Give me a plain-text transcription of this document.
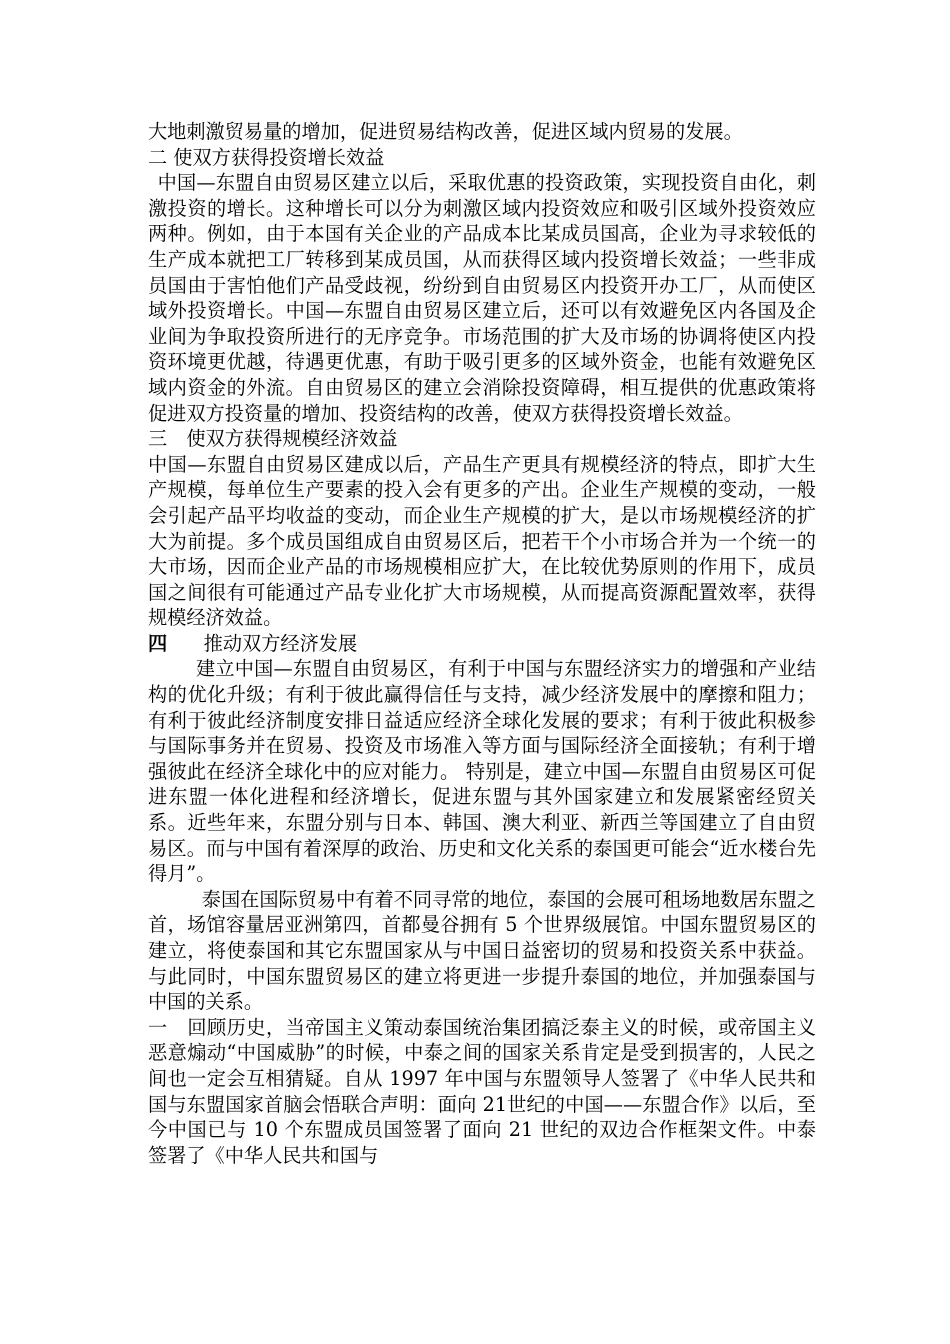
大地刺激贸易量的增加，促进贸易结构改善，促进区域内贸易的发展。

二 使双方获得投资增长效益

中国—东盟自由贸易区建立以后，采取优惠的投资政策，实现投资自由化，刺激投资的增长。这种增长可以分为刺激区域内投资效应和吸引区域外投资效应两种。例如，由于本国有关企业的产品成本比某成员国高，企业为寻求较低的生产成本就把工厂转移到某成员国，从而获得区域内投资增长效益；一些非成员国由于害怕他们产品受歧视，纷纷到自由贸易区内投资开办工厂，从而使区域外投资增长。中国—东盟自由贸易区建立后，还可以有效避免区内各国及企业间为争取投资所进行的无序竞争。市场范围的扩大及市场的协调将使区内投资环境更优越，待遇更优惠，有助于吸引更多的区域外资金，也能有效避免区域内资金的外流。自由贸易区的建立会消除投资障碍，相互提供的优惠政策将促进双方投资量的增加、投资结构的改善，使双方获得投资增长效益。

三　使双方获得规模经济效益

中国—东盟自由贸易区建成以后，产品生产更具有规模经济的特点，即扩大生产规模，每单位生产要素的投入会有更多的产出。企业生产规模的变动，一般会引起产品平均收益的变动，而企业生产规模的扩大，是以市场规模经济的扩大为前提。多个成员国组成自由贸易区后，把若干个小市场合并为一个统一的大市场，因而企业产品的市场规模相应扩大，在比较优势原则的作用下，成员国之间很有可能通过产品专业化扩大市场规模，从而提高资源配置效率，获得规模经济效益。

四 推动双方经济发展

建立中国—东盟自由贸易区，有利于中国与东盟经济实力的增强和产业结构的优化升级；有利于彼此赢得信任与支持，减少经济发展中的摩擦和阻力；有利于彼此经济制度安排日益适应经济全球化发展的要求；有利于彼此积极参与国际事务并在贸易、投资及市场准入等方面与国际经济全面接轨；有利于增强彼此在经济全球化中的应对能力。 特别是，建立中国—东盟自由贸易区可促进东盟一体化进程和经济增长，促进东盟与其外国家建立和发展紧密经贸关系。近些年来，东盟分别与日本、韩国、澳大利亚、新西兰等国建立了自由贸易区。而与中国有着深厚的政治、历史和文化关系的泰国更可能会“近水楼台先得月”。

泰国在国际贸易中有着不同寻常的地位，泰国的会展可租场地数居东盟之首，场馆容量居亚洲第四，首都曼谷拥有 5 个世界级展馆。中国东盟贸易区的建立，将使泰国和其它东盟国家从与中国日益密切的贸易和投资关系中获益。与此同时，中国东盟贸易区的建立将更进一步提升泰国的地位，并加强泰国与中国的关系。

一　回顾历史，当帝国主义策动泰国统治集团搞泛泰主义的时候，或帝国主义恶意煽动“中国威胁”的时候，中泰之间的国家关系肯定是受到损害的，人民之间也一定会互相猜疑。自从 1997 年中国与东盟领导人签署了《中华人民共和国与东盟国家首脑会悟联合声明：面向 21世纪的中国——东盟合作》以后，至今中国已与 10 个东盟成员国签署了面向 21 世纪的双边合作框架文件。中泰签署了《中华人民共和国与
